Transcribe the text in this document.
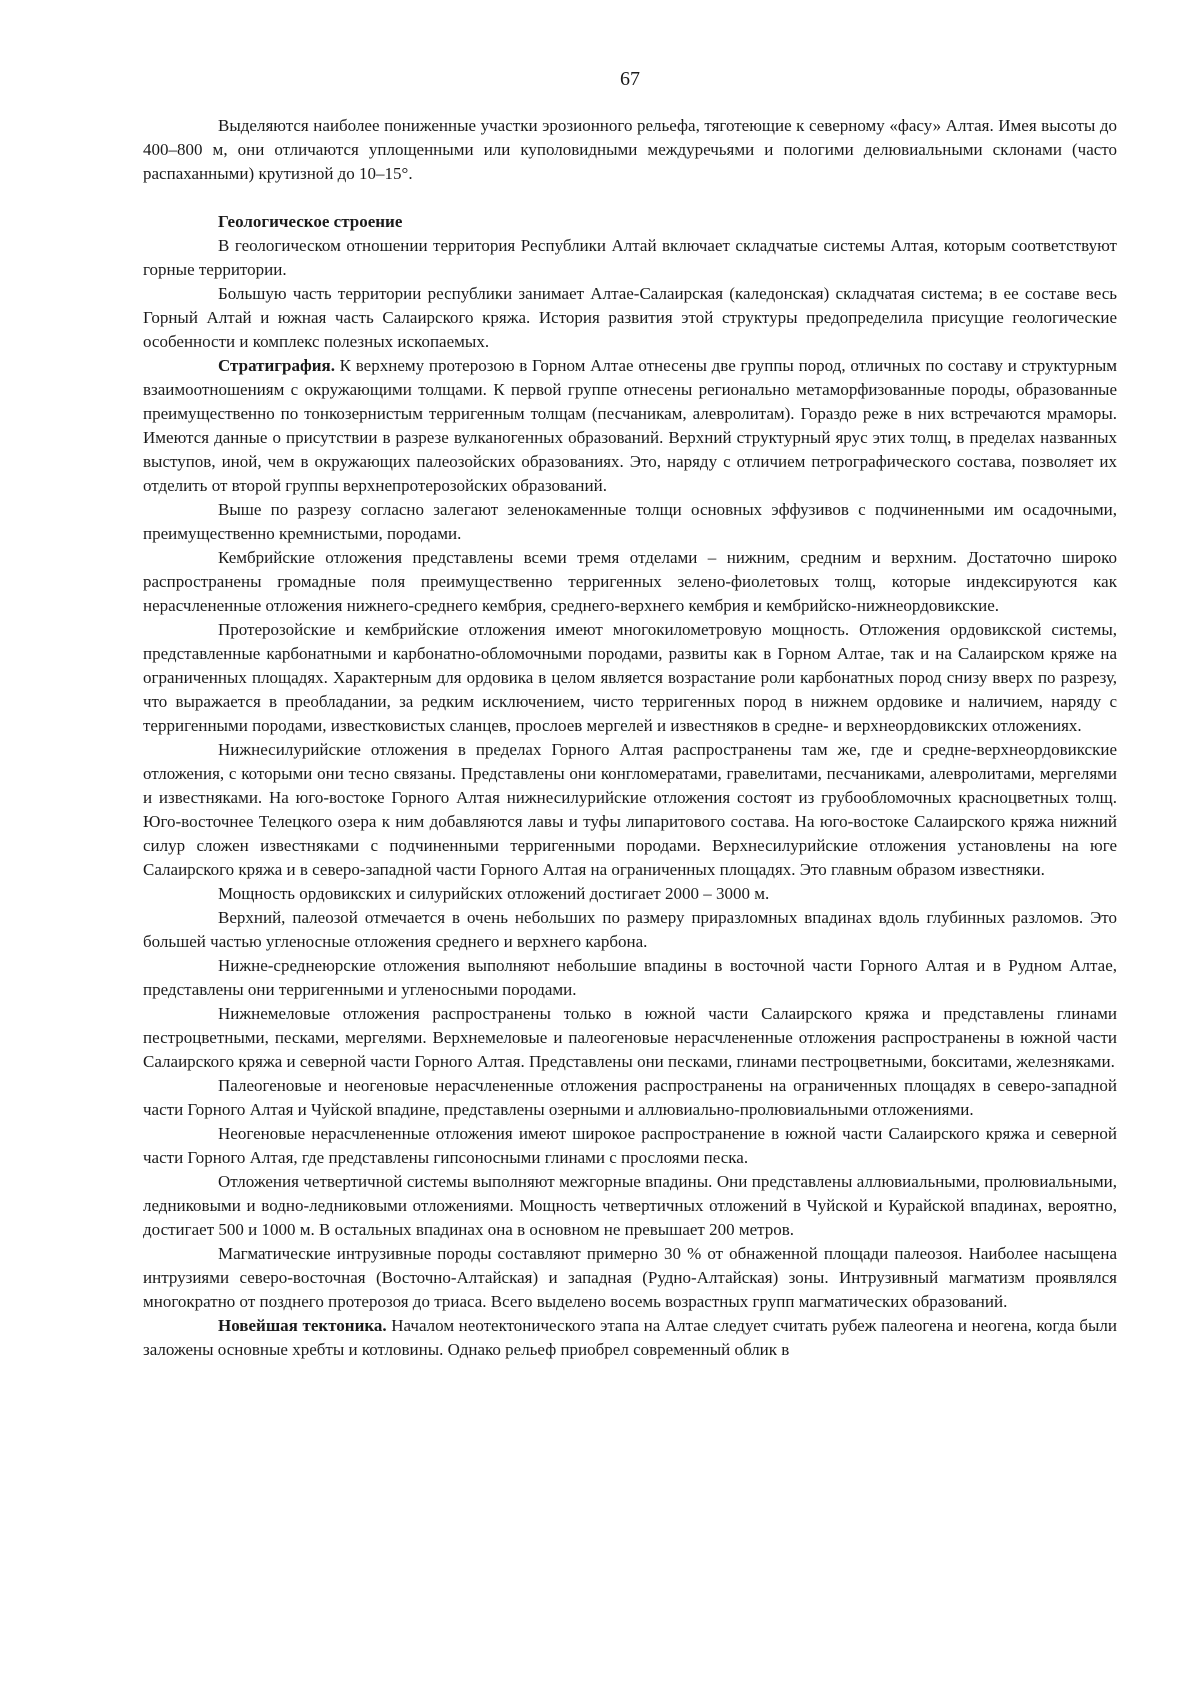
67

Выделяются наиболее пониженные участки эрозионного рельефа, тяготеющие к северному «фасу» Алтая. Имея высоты до 400–800 м, они отличаются уплощенными или куполовидными междуречьями и пологими делювиальными склонами (часто распаханными) крутизной до 10–15°.

Геологическое строение

В геологическом отношении территория Республики Алтай включает складчатые системы Алтая, которым соответствуют горные территории.

Большую часть территории республики занимает Алтае-Салаирская (каледонская) складчатая система; в ее составе весь Горный Алтай и южная часть Салаирского кряжа. История развития этой структуры предопределила присущие геологические особенности и комплекс полезных ископаемых.

Стратиграфия. К верхнему протерозою в Горном Алтае отнесены две группы пород, отличных по составу и структурным взаимоотношениям с окружающими толщами. К первой группе отнесены регионально метаморфизованные породы, образованные преимущественно по тонкозернистым терригенным толщам (песчаникам, алевролитам). Гораздо реже в них встречаются мраморы. Имеются данные о присутствии в разрезе вулканогенных образований. Верхний структурный ярус этих толщ, в пределах названных выступов, иной, чем в окружающих палеозойских образованиях. Это, наряду с отличием петрографического состава, позволяет их отделить от второй группы верхнепротерозойских образований.

Выше по разрезу согласно залегают зеленокаменные толщи основных эффузивов с подчиненными им осадочными, преимущественно кремнистыми, породами.

Кембрийские отложения представлены всеми тремя отделами – нижним, средним и верхним. Достаточно широко распространены громадные поля преимущественно терригенных зелено-фиолетовых толщ, которые индексируются как нерасчлененные отложения нижнего-среднего кембрия, среднего-верхнего кембрия и кембрийско-нижнеордовикские.

Протерозойские и кембрийские отложения имеют многокилометровую мощность. Отложения ордовикской системы, представленные карбонатными и карбонатно-обломочными породами, развиты как в Горном Алтае, так и на Салаирском кряже на ограниченных площадях. Характерным для ордовика в целом является возрастание роли карбонатных пород снизу вверх по разрезу, что выражается в преобладании, за редким исключением, чисто терригенных пород в нижнем ордовике и наличием, наряду с терригенными породами, известковистых сланцев, прослоев мергелей и известняков в средне- и верхнеордовикских отложениях.

Нижнесилурийские отложения в пределах Горного Алтая распространены там же, где и средне-верхнеордовикские отложения, с которыми они тесно связаны. Представлены они конгломератами, гравелитами, песчаниками, алевролитами, мергелями и известняками. На юго-востоке Горного Алтая нижнесилурийские отложения состоят из грубообломочных красноцветных толщ. Юго-восточнее Телецкого озера к ним добавляются лавы и туфы липаритового состава. На юго-востоке Салаирского кряжа нижний силур сложен известняками с подчиненными терригенными породами. Верхнесилурийские отложения установлены на юге Салаирского кряжа и в северо-западной части Горного Алтая на ограниченных площадях. Это главным образом известняки.

Мощность ордовикских и силурийских отложений достигает 2000 – 3000 м.

Верхний, палеозой отмечается в очень небольших по размеру приразломных впадинах вдоль глубинных разломов. Это большей частью угленосные отложения среднего и верхнего карбона.

Нижне-среднеюрские отложения выполняют небольшие впадины в восточной части Горного Алтая и в Рудном Алтае, представлены они терригенными и угленосными породами.

Нижнемеловые отложения распространены только в южной части Салаирского кряжа и представлены глинами пестроцветными, песками, мергелями. Верхнемеловые и палеогеновые нерасчлененные отложения распространены в южной части Салаирского кряжа и северной части Горного Алтая. Представлены они песками, глинами пестроцветными, бокситами, железняками.

Палеогеновые и неогеновые нерасчлененные отложения распространены на ограниченных площадях в северо-западной части Горного Алтая и Чуйской впадине, представлены озерными и аллювиально-пролювиальными отложениями.

Неогеновые нерасчлененные отложения имеют широкое распространение в южной части Салаирского кряжа и северной части Горного Алтая, где представлены гипсоносными глинами с прослоями песка.

Отложения четвертичной системы выполняют межгорные впадины. Они представлены аллювиальными, пролювиальными, ледниковыми и водно-ледниковыми отложениями. Мощность четвертичных отложений в Чуйской и Курайской впадинах, вероятно, достигает 500 и 1000 м. В остальных впадинах она в основном не превышает 200 метров.

Магматические интрузивные породы составляют примерно 30 % от обнаженной площади палеозоя. Наиболее насыщена интрузиями северо-восточная (Восточно-Алтайская) и западная (Рудно-Алтайская) зоны. Интрузивный магматизм проявлялся многократно от позднего протерозоя до триаса. Всего выделено восемь возрастных групп магматических образований.

Новейшая тектоника. Началом неотектонического этапа на Алтае следует считать рубеж палеогена и неогена, когда были заложены основные хребты и котловины. Однако рельеф приобрел современный облик в
